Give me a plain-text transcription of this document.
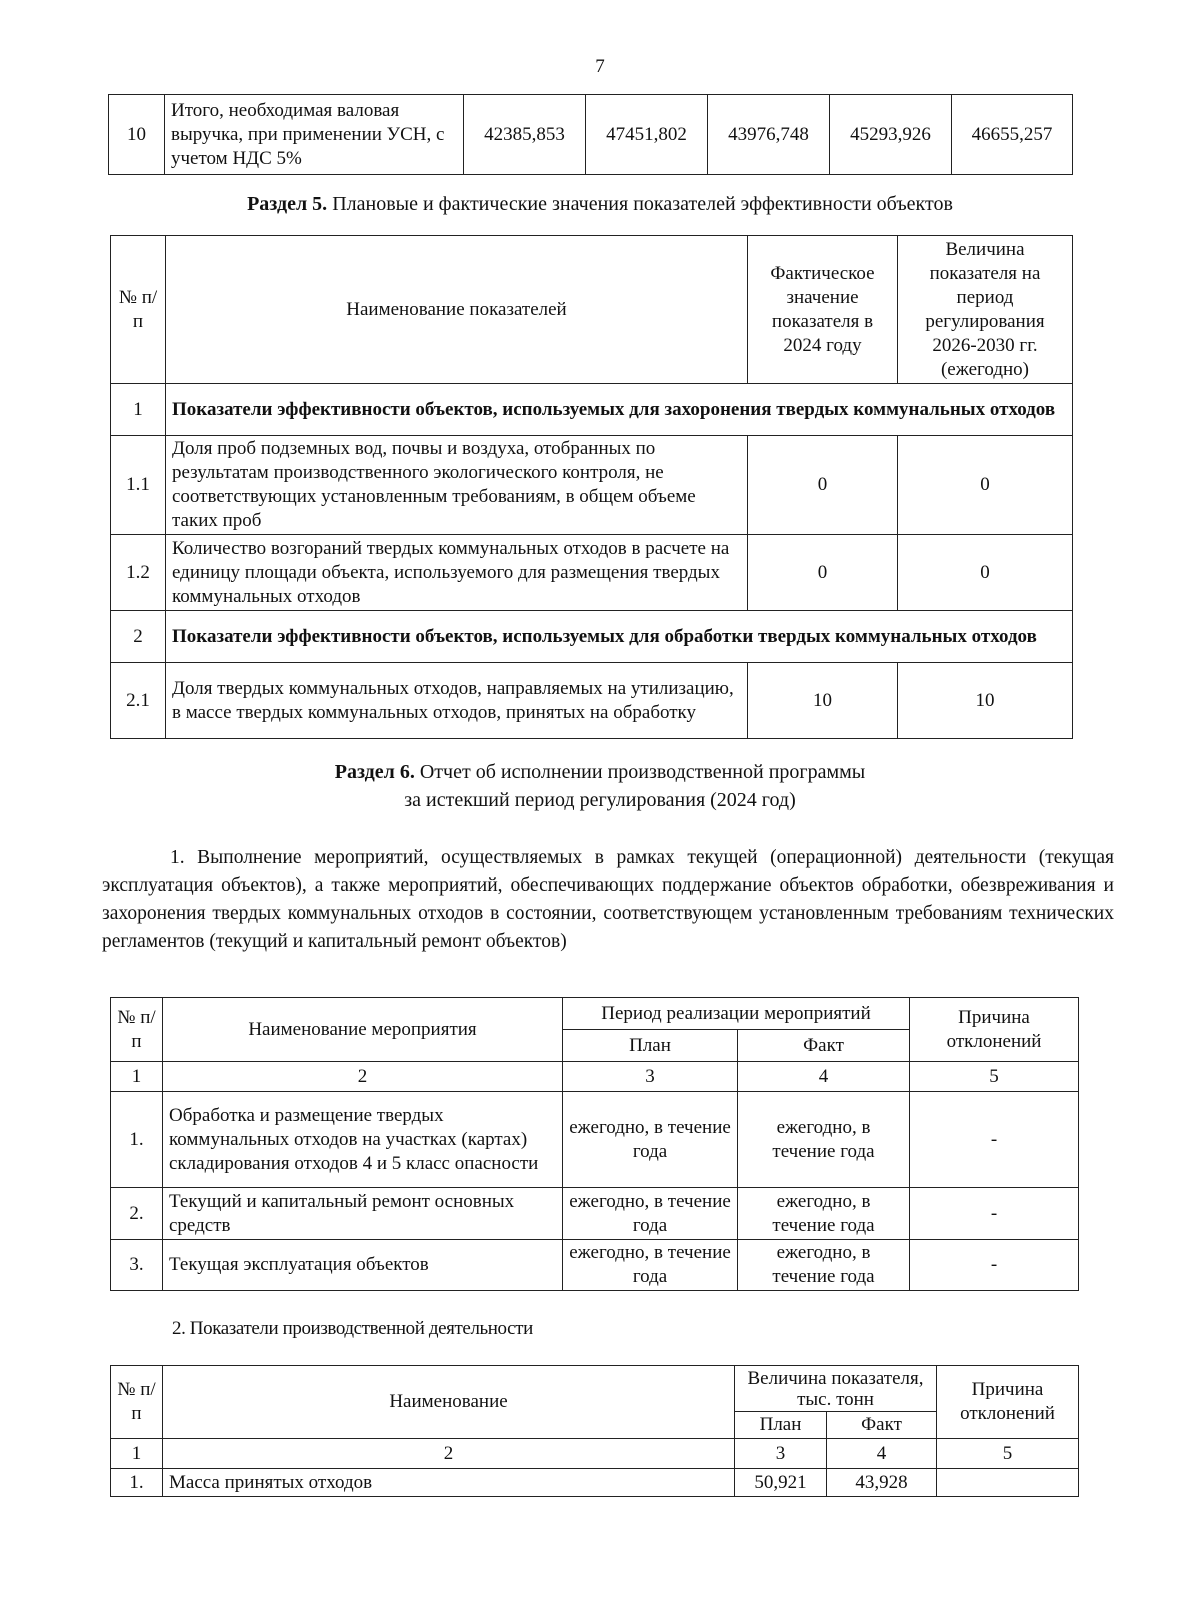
7
10	Итого, необходимая валовая выручка, при применении УСН, с учетом НДС 5%	42385,853	47451,802	43976,748	45293,926	46655,257
Раздел 5. Плановые и фактические значения показателей эффективности объектов
№ п/п	Наименование показателей	Фактическое значение показателя в 2024 году	Величина показателя на период регулирования 2026-2030 гг. (ежегодно)
1	Показатели эффективности объектов, используемых для захоронения твердых коммунальных отходов		
1.1	Доля проб подземных вод, почвы и воздуха, отобранных по результатам производственного экологического контроля, не соответствующих установленным требованиям, в общем объеме таких проб	0	0
1.2	Количество возгораний твердых коммунальных отходов в расчете на единицу площади объекта, используемого для размещения твердых коммунальных отходов	0	0
2	Показатели эффективности объектов, используемых для обработки твердых коммунальных отходов		
2.1	Доля твердых коммунальных отходов, направляемых на утилизацию, в массе твердых коммунальных отходов, принятых на обработку	10	10
Раздел 6. Отчет об исполнении производственной программы
за истекший период регулирования (2024 год)
1. Выполнение мероприятий, осуществляемых в рамках текущей (операционной) деятельности (текущая эксплуатация объектов), а также мероприятий, обеспечивающих поддержание объектов обработки, обезвреживания и захоронения твердых коммунальных отходов в состоянии, соответствующем установленным требованиям технических регламентов (текущий и капитальный ремонт объектов)
№ п/п	Наименование мероприятия	Период реализации мероприятий		Причина отклонений
		План	Факт	
1	2	3	4	5
1.	Обработка и размещение твердых коммунальных отходов на участках (картах) складирования отходов 4 и 5 класс опасности	ежегодно, в течение года	ежегодно, в течение года	-
2.	Текущий и капитальный ремонт основных средств	ежегодно, в течение года	ежегодно, в течение года	-
3.	Текущая эксплуатация объектов	ежегодно, в течение года	ежегодно, в течение года	-
2. Показатели производственной деятельности
№ п/п	Наименование	Величина показателя, тыс. тонн		Причина отклонений
		План	Факт	
1	2	3	4	5
1.	Масса принятых отходов	50,921	43,928	
